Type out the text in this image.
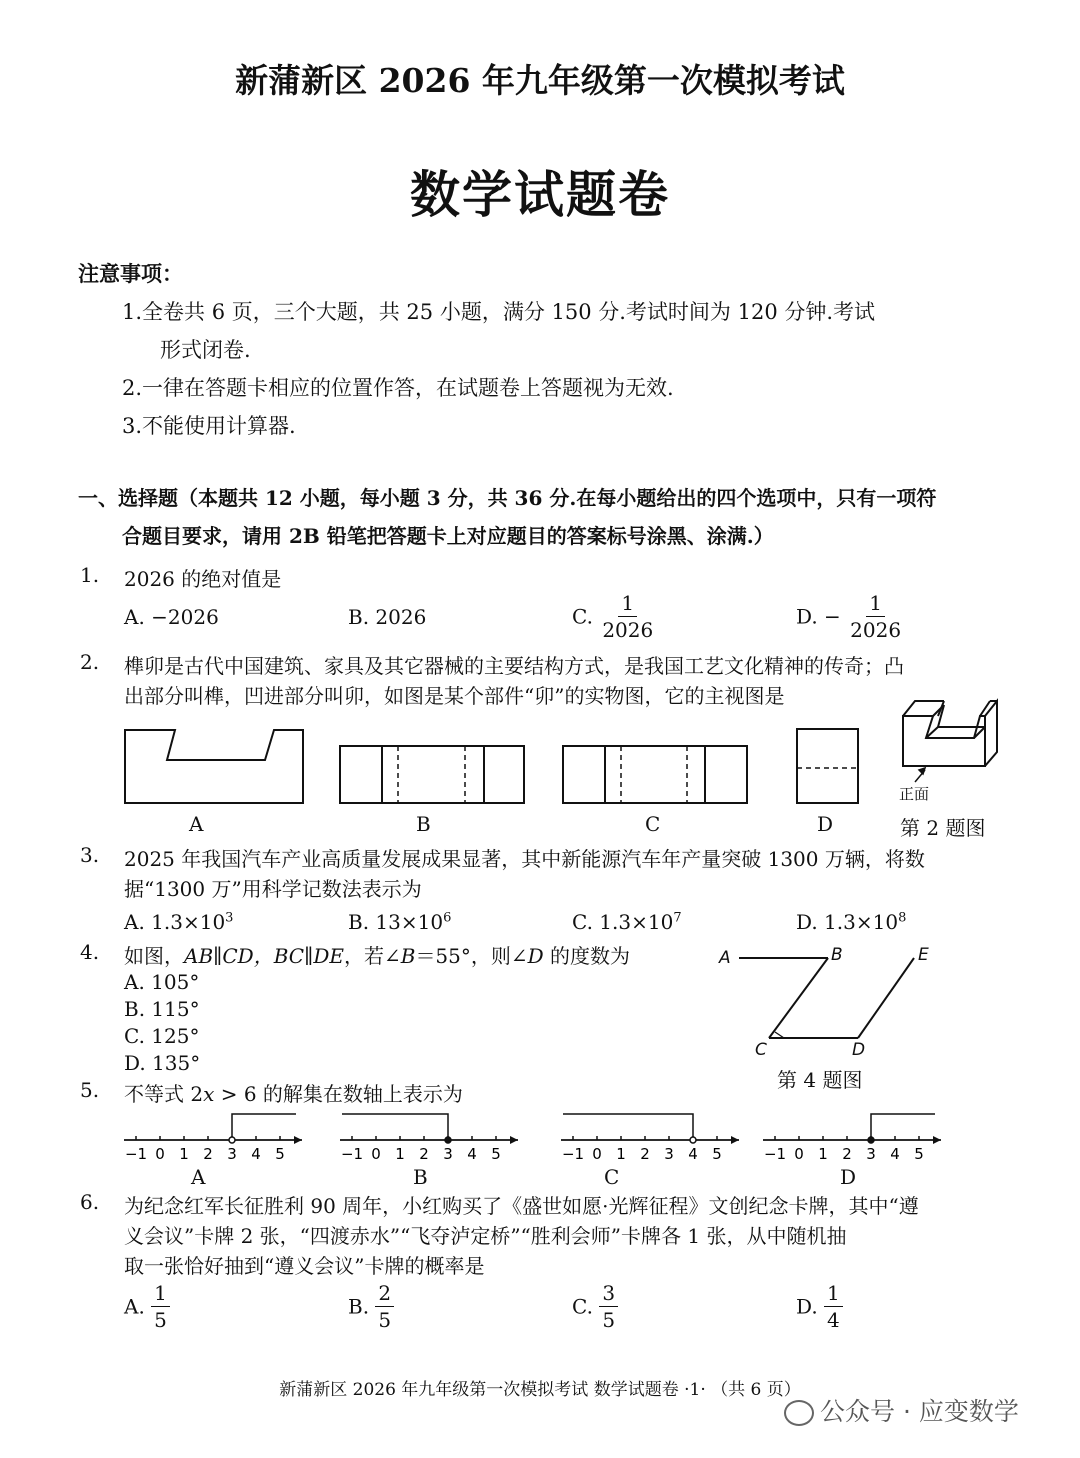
新蒲新区 2026 年九年级第一次模拟考试
数学试题卷
注意事项：
1.全卷共 6 页，三个大题，共 25 小题，满分 150 分.考试时间为 120 分钟.考试
形式闭卷.
2.一律在答题卡相应的位置作答，在试题卷上答题视为无效.
3.不能使用计算器.
一、选择题（本题共 12 小题，每小题 3 分，共 36 分.在每小题给出的四个选项中，只有一项符
合题目要求，请用 2B 铅笔把答题卡上对应题目的答案标号涂黑、涂满.）
1. 2026 的绝对值是
A. −2026	B. 2026	C. $\frac{1}{2026}$	D. − $\frac{1}{2026}$
2. 榫卯是古代中国建筑、家具及其它器械的主要结构方式，是我国工艺文化精神的传奇；凸
出部分叫榫，凹进部分叫卯，如图是某个部件“卯”的实物图，它的主视图是
正面
A	B	C	D	第 2 题图
3. 2025 年我国汽车产业高质量发展成果显著，其中新能源汽车年产量突破 1300 万辆，将数
据“1300 万”用科学记数法表示为
A. $1.3\times 10^3$	B. $13\times 10^6$	C. $1.3\times 10^7$	D. $1.3\times 10^8$
4. 如图，AB∥CD，BC∥DE，若∠B＝55°，则∠D 的度数为
A. 105°
B. 115°
C. 125°
D. 135°
A	B
C	D
E
第 4 题图
5. 不等式 2x > 6 的解集在数轴上表示为
−1 0 1 2 3 4 5	−1 0 1 2 3 4 5	−1 0 1 2 3 4 5	−1 0 1 2 3 4 5
A	B	C	D
6. 为纪念红军长征胜利 90 周年，小红购买了《盛世如愿·光辉征程》文创纪念卡牌，其中“遵
义会议”卡牌 2 张，“四渡赤水”“飞夺泸定桥”“胜利会师”卡牌各 1 张，从中随机抽
取一张恰好抽到“遵义会议”卡牌的概率是
A. $\frac{1}{5}$	B. $\frac{2}{5}$	C. $\frac{3}{5}$	D. $\frac{1}{4}$
新蒲新区 2026 年九年级第一次模拟考试 数学试题卷 ·1· （共 6 页）
公众号 · 应变数学
